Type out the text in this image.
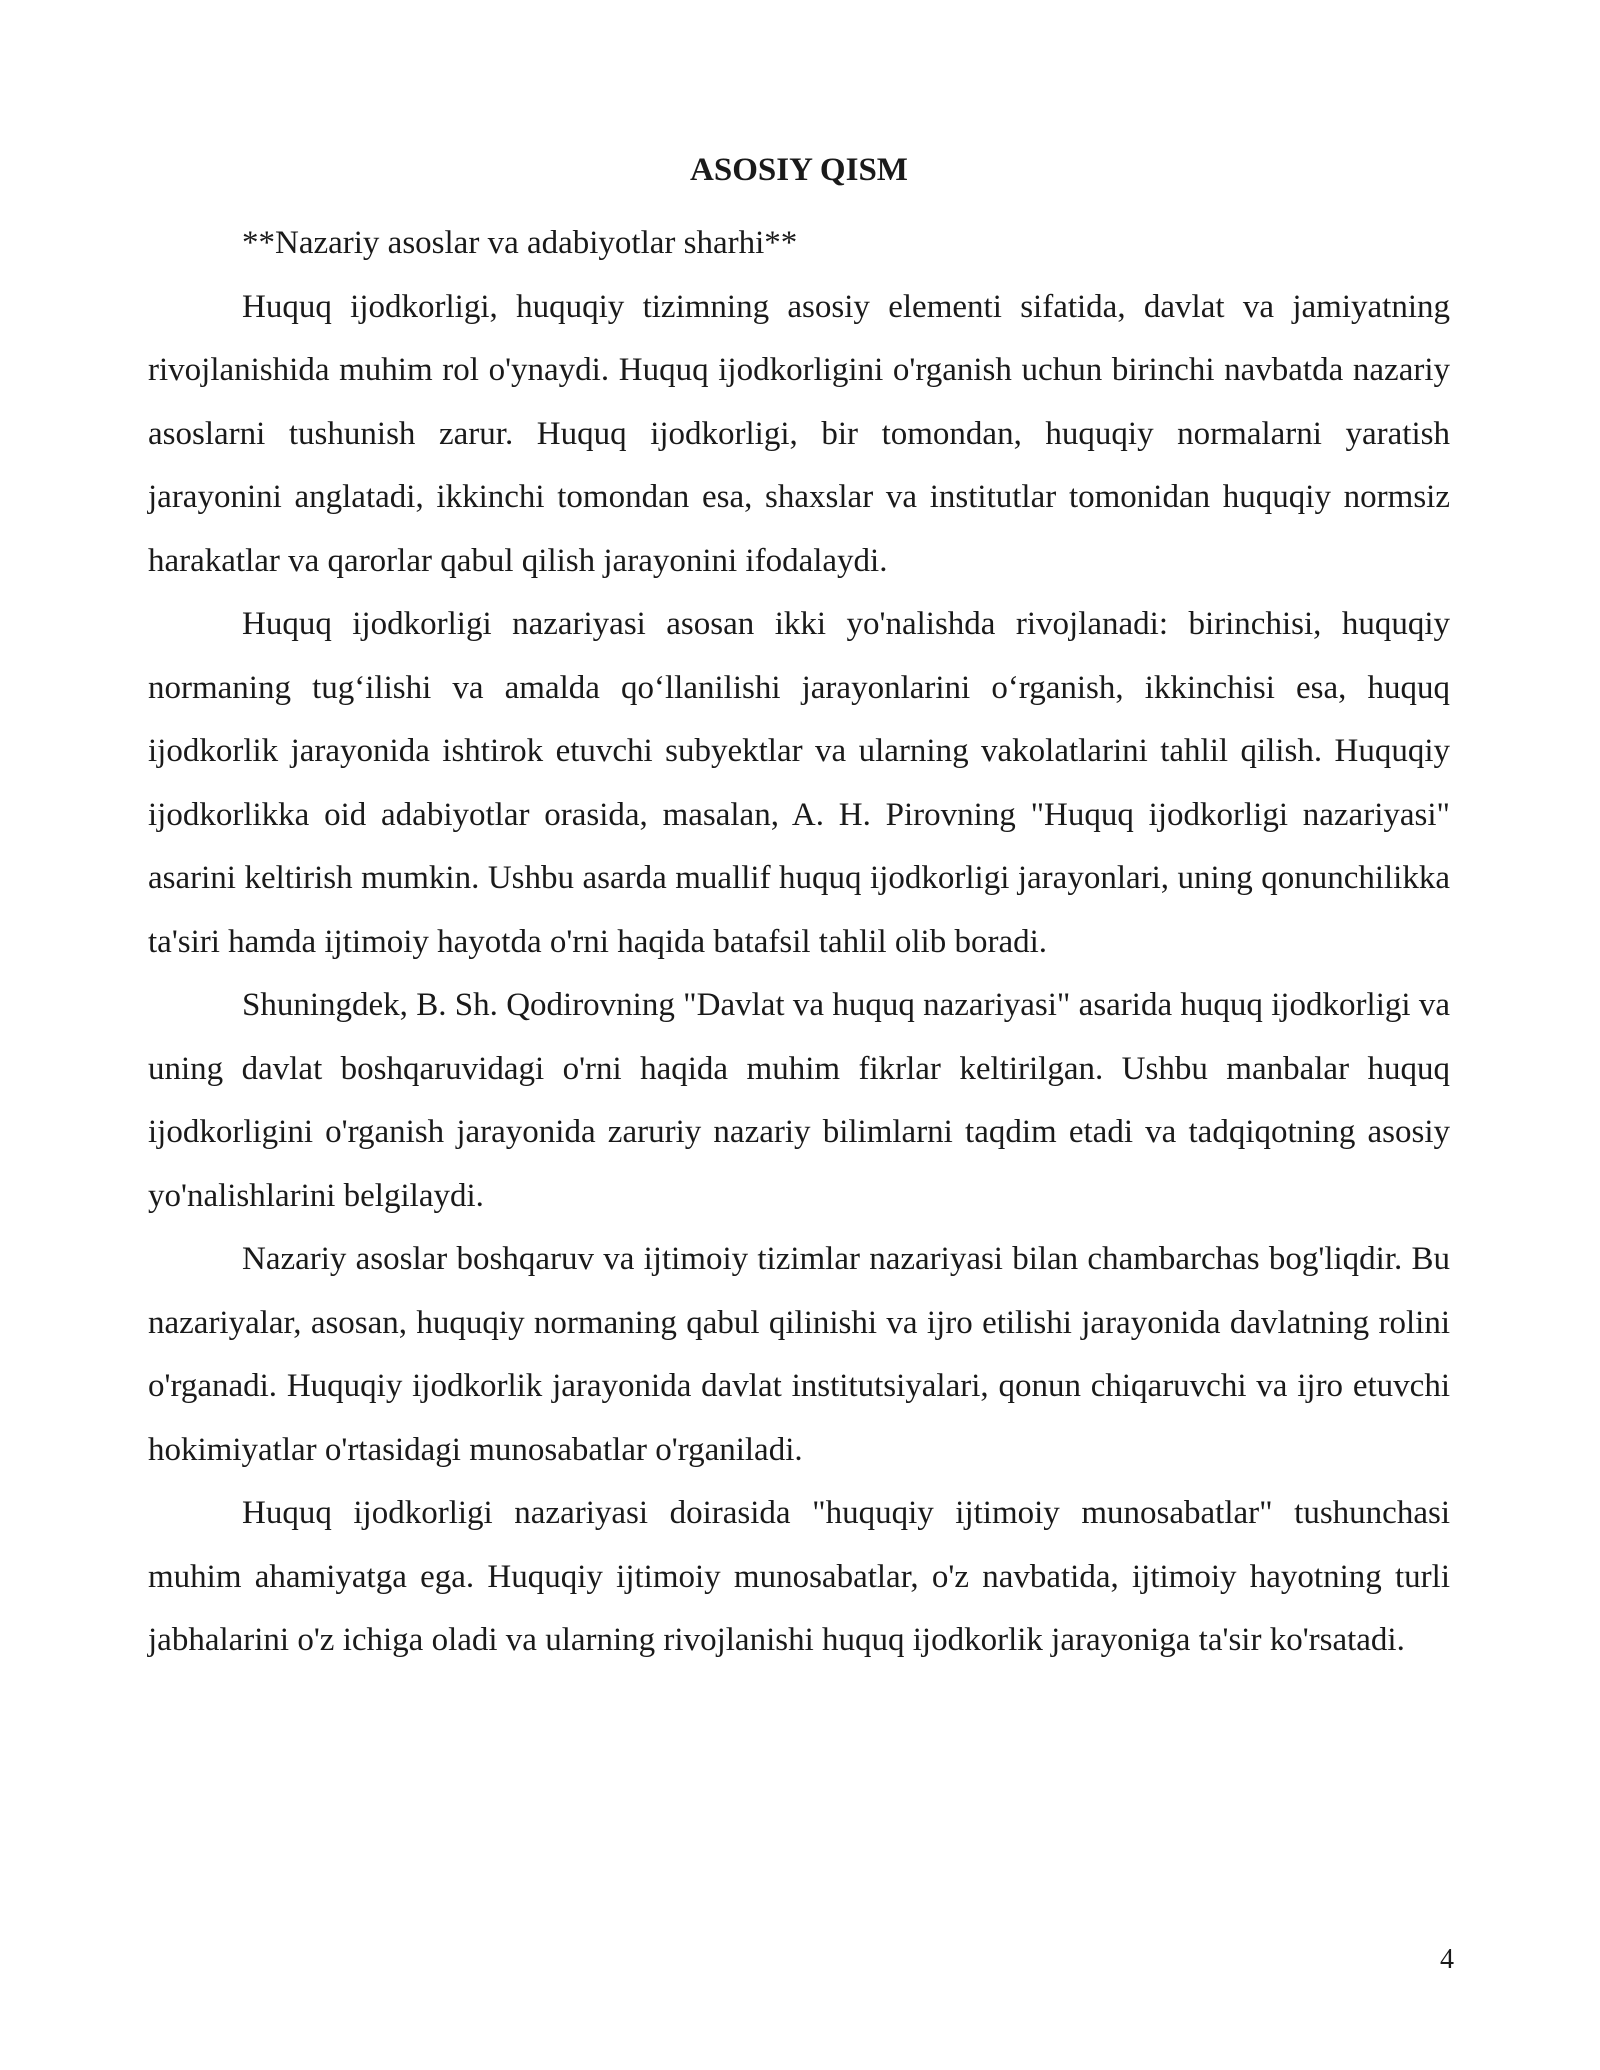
ASOSIY QISM

**Nazariy asoslar va adabiyotlar sharhi**

Huquq ijodkorligi, huquqiy tizimning asosiy elementi sifatida, davlat va jamiyatning rivojlanishida muhim rol o'ynaydi. Huquq ijodkorligini o'rganish uchun birinchi navbatda nazariy asoslarni tushunish zarur. Huquq ijodkorligi, bir tomondan, huquqiy normalarni yaratish jarayonini anglatadi, ikkinchi tomondan esa, shaxslar va institutlar tomonidan huquqiy normsiz harakatlar va qarorlar qabul qilish jarayonini ifodalaydi.

Huquq ijodkorligi nazariyasi asosan ikki yo'nalishda rivojlanadi: birinchisi, huquqiy normaning tugʻilishi va amalda qoʻllanilishi jarayonlarini oʻrganish, ikkinchisi esa, huquq ijodkorlik jarayonida ishtirok etuvchi subyektlar va ularning vakolatlarini tahlil qilish. Huquqiy ijodkorlikka oid adabiyotlar orasida, masalan, A. H. Pirovning "Huquq ijodkorligi nazariyasi" asarini keltirish mumkin. Ushbu asarda muallif huquq ijodkorligi jarayonlari, uning qonunchilikka ta'siri hamda ijtimoiy hayotda o'rni haqida batafsil tahlil olib boradi.

Shuningdek, B. Sh. Qodirovning "Davlat va huquq nazariyasi" asarida huquq ijodkorligi va uning davlat boshqaruvidagi o'rni haqida muhim fikrlar keltirilgan. Ushbu manbalar huquq ijodkorligini o'rganish jarayonida zaruriy nazariy bilimlarni taqdim etadi va tadqiqotning asosiy yo'nalishlarini belgilaydi.

Nazariy asoslar boshqaruv va ijtimoiy tizimlar nazariyasi bilan chambarchas bog'liqdir. Bu nazariyalar, asosan, huquqiy normaning qabul qilinishi va ijro etilishi jarayonida davlatning rolini o'rganadi. Huquqiy ijodkorlik jarayonida davlat institutsiyalari, qonun chiqaruvchi va ijro etuvchi hokimiyatlar o'rtasidagi munosabatlar o'rganiladi.

Huquq ijodkorligi nazariyasi doirasida "huquqiy ijtimoiy munosabatlar" tushunchasi muhim ahamiyatga ega. Huquqiy ijtimoiy munosabatlar, o'z navbatida, ijtimoiy hayotning turli jabhalarini o'z ichiga oladi va ularning rivojlanishi huquq ijodkorlik jarayoniga ta'sir ko'rsatadi.

4
